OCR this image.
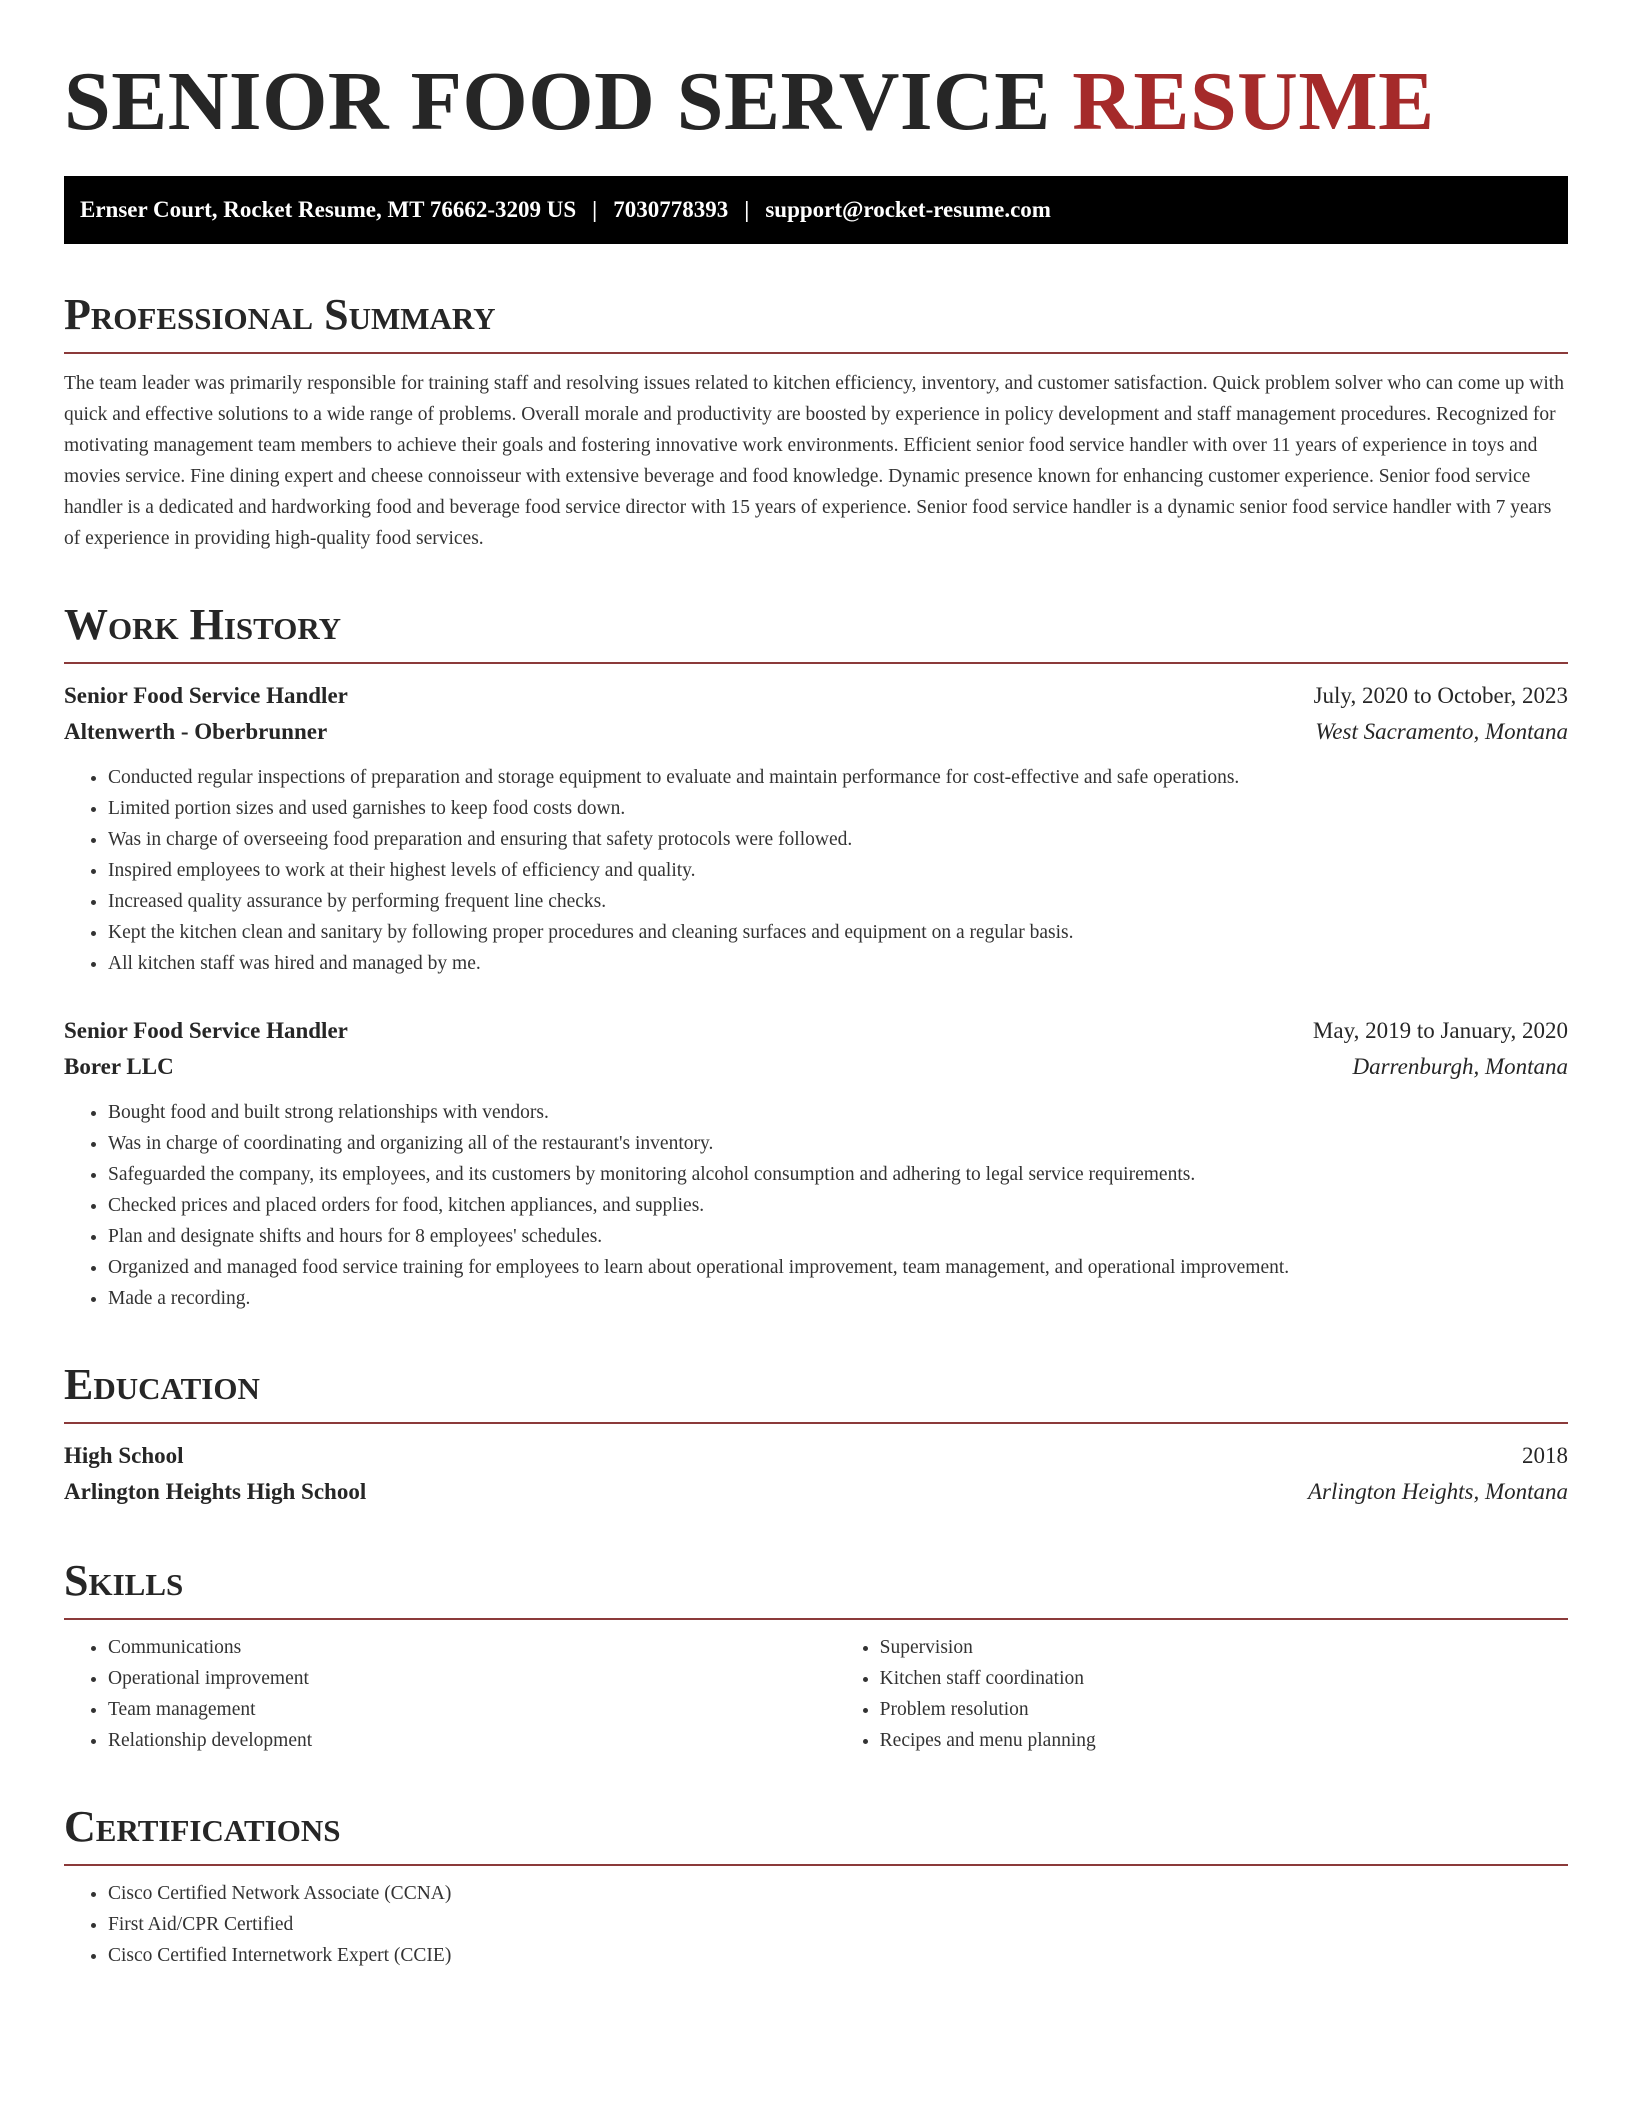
SENIOR FOOD SERVICE RESUME
Ernser Court, Rocket Resume, MT 76662-3209 US | 7030778393 | support@rocket-resume.com
Professional Summary

The team leader was primarily responsible for training staff and resolving issues related to kitchen efficiency, inventory, and customer satisfaction. Quick problem solver who can come up with quick and effective solutions to a wide range of problems. Overall morale and productivity are boosted by experience in policy development and staff management procedures. Recognized for motivating management team members to achieve their goals and fostering innovative work environments. Efficient senior food service handler with over 11 years of experience in toys and movies service. Fine dining expert and cheese connoisseur with extensive beverage and food knowledge. Dynamic presence known for enhancing customer experience. Senior food service handler is a dedicated and hardworking food and beverage food service director with 15 years of experience. Senior food service handler is a dynamic senior food service handler with 7 years of experience in providing high-quality food services.

Work History
Senior Food Service Handler	July, 2020 to October, 2023
Altenwerth - Oberbrunner	West Sacramento, Montana
• Conducted regular inspections of preparation and storage equipment to evaluate and maintain performance for cost-effective and safe operations.
• Limited portion sizes and used garnishes to keep food costs down.
• Was in charge of overseeing food preparation and ensuring that safety protocols were followed.
• Inspired employees to work at their highest levels of efficiency and quality.
• Increased quality assurance by performing frequent line checks.
• Kept the kitchen clean and sanitary by following proper procedures and cleaning surfaces and equipment on a regular basis.
• All kitchen staff was hired and managed by me.
Senior Food Service Handler	May, 2019 to January, 2020
Borer LLC	Darrenburgh, Montana
• Bought food and built strong relationships with vendors.
• Was in charge of coordinating and organizing all of the restaurant's inventory.
• Safeguarded the company, its employees, and its customers by monitoring alcohol consumption and adhering to legal service requirements.
• Checked prices and placed orders for food, kitchen appliances, and supplies.
• Plan and designate shifts and hours for 8 employees' schedules.
• Organized and managed food service training for employees to learn about operational improvement, team management, and operational improvement.
• Made a recording.
Education
High School	2018
Arlington Heights High School	Arlington Heights, Montana
Skills
• Communications
• Operational improvement
• Team management
• Relationship development
• Supervision
• Kitchen staff coordination
• Problem resolution
• Recipes and menu planning
Certifications
• Cisco Certified Network Associate (CCNA)
• First Aid/CPR Certified
• Cisco Certified Internetwork Expert (CCIE)
